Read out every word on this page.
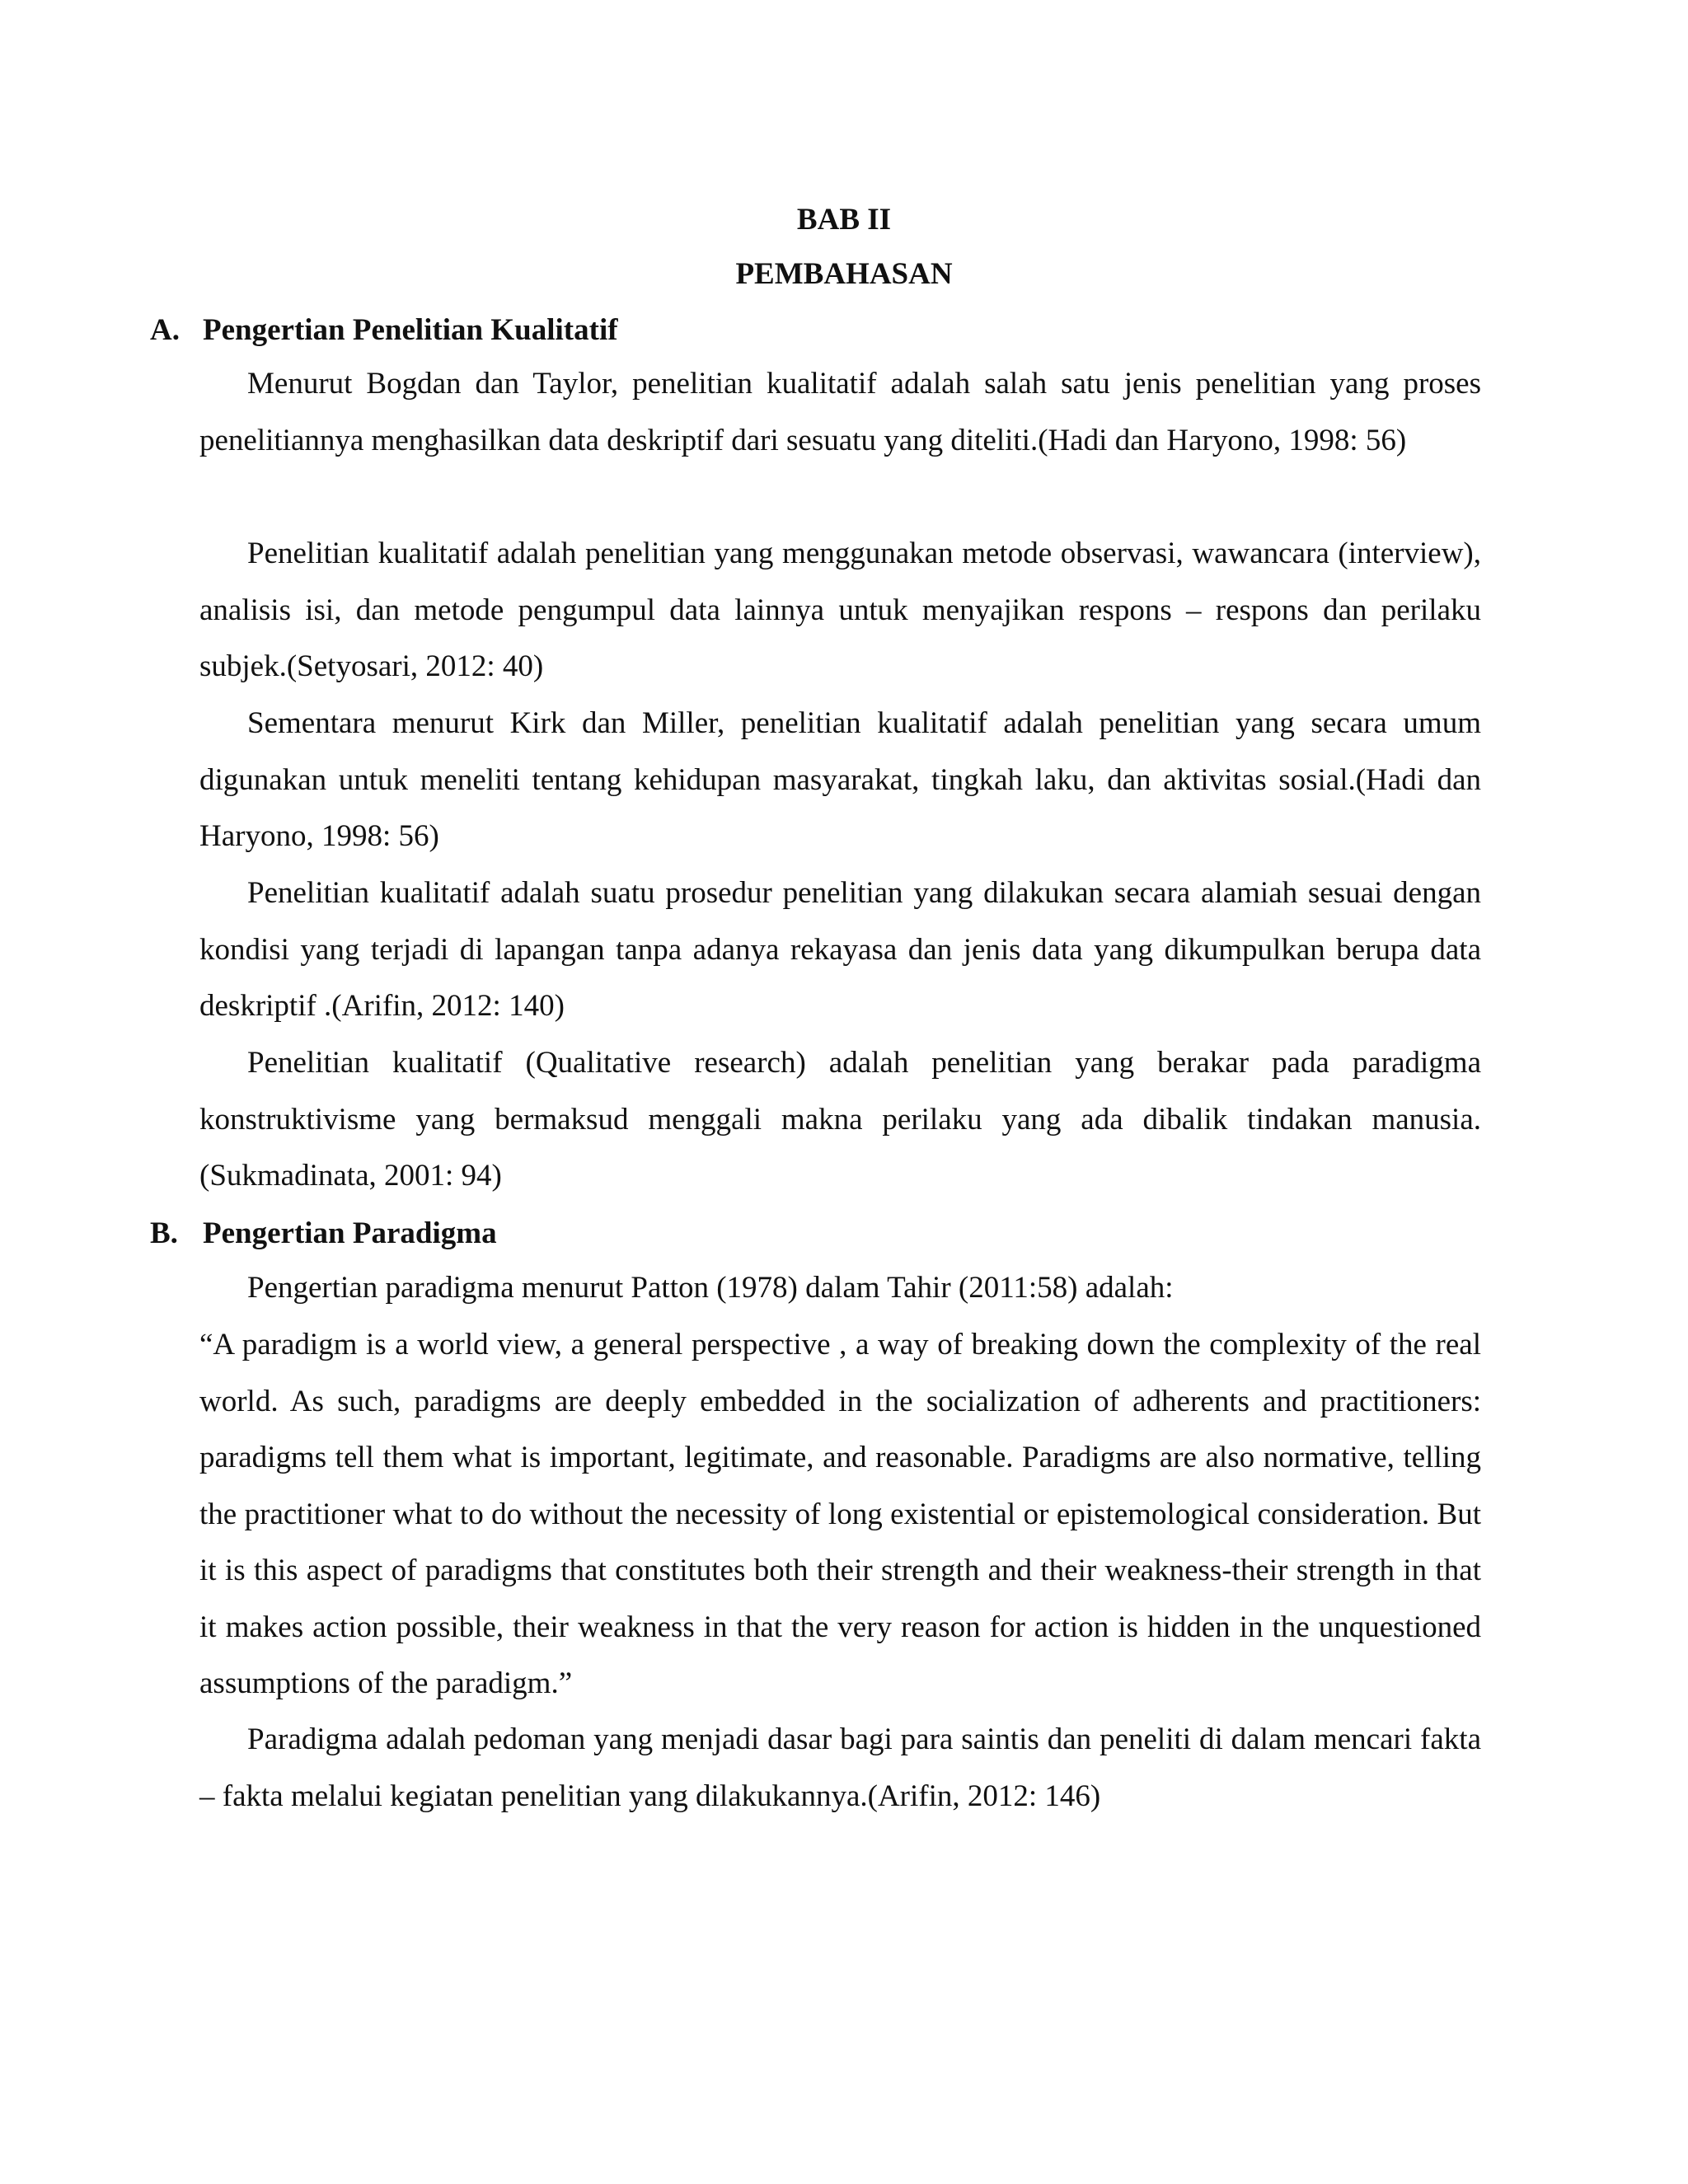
BAB II
PEMBAHASAN
A. Pengertian Penelitian Kualitatif

Menurut Bogdan dan Taylor, penelitian kualitatif adalah salah satu jenis penelitian yang proses penelitiannya menghasilkan data deskriptif dari sesuatu yang diteliti.(Hadi dan Haryono, 1998: 56)

Penelitian kualitatif adalah penelitian yang menggunakan metode observasi, wawancara (interview), analisis isi, dan metode pengumpul data lainnya untuk menyajikan respons – respons dan perilaku subjek.(Setyosari, 2012: 40)

Sementara menurut Kirk dan Miller, penelitian kualitatif adalah penelitian yang secara umum digunakan untuk meneliti tentang kehidupan masyarakat, tingkah laku, dan aktivitas sosial.(Hadi dan Haryono, 1998: 56)

Penelitian kualitatif adalah suatu prosedur penelitian yang dilakukan secara alamiah sesuai dengan kondisi yang terjadi di lapangan tanpa adanya rekayasa dan jenis data yang dikumpulkan berupa data deskriptif .(Arifin, 2012: 140)

Penelitian kualitatif (Qualitative research) adalah penelitian yang berakar pada paradigma konstruktivisme yang bermaksud menggali makna perilaku yang ada dibalik tindakan manusia. (Sukmadinata, 2001: 94)

B. Pengertian Paradigma

Pengertian paradigma menurut Patton (1978) dalam Tahir (2011:58) adalah:

“A paradigm is a world view, a general perspective , a way of breaking down the complexity of the real world. As such, paradigms are deeply embedded in the socialization of adherents and practitioners: paradigms tell them what is important, legitimate, and reasonable. Paradigms are also normative, telling the practitioner what to do without the necessity of long existential or epistemological consideration. But it is this aspect of paradigms that constitutes both their strength and their weakness-their strength in that it makes action possible, their weakness in that the very reason for action is hidden in the unquestioned assumptions of the paradigm.”

Paradigma adalah pedoman yang menjadi dasar bagi para saintis dan peneliti di dalam mencari fakta – fakta melalui kegiatan penelitian yang dilakukannya.(Arifin, 2012: 146)
